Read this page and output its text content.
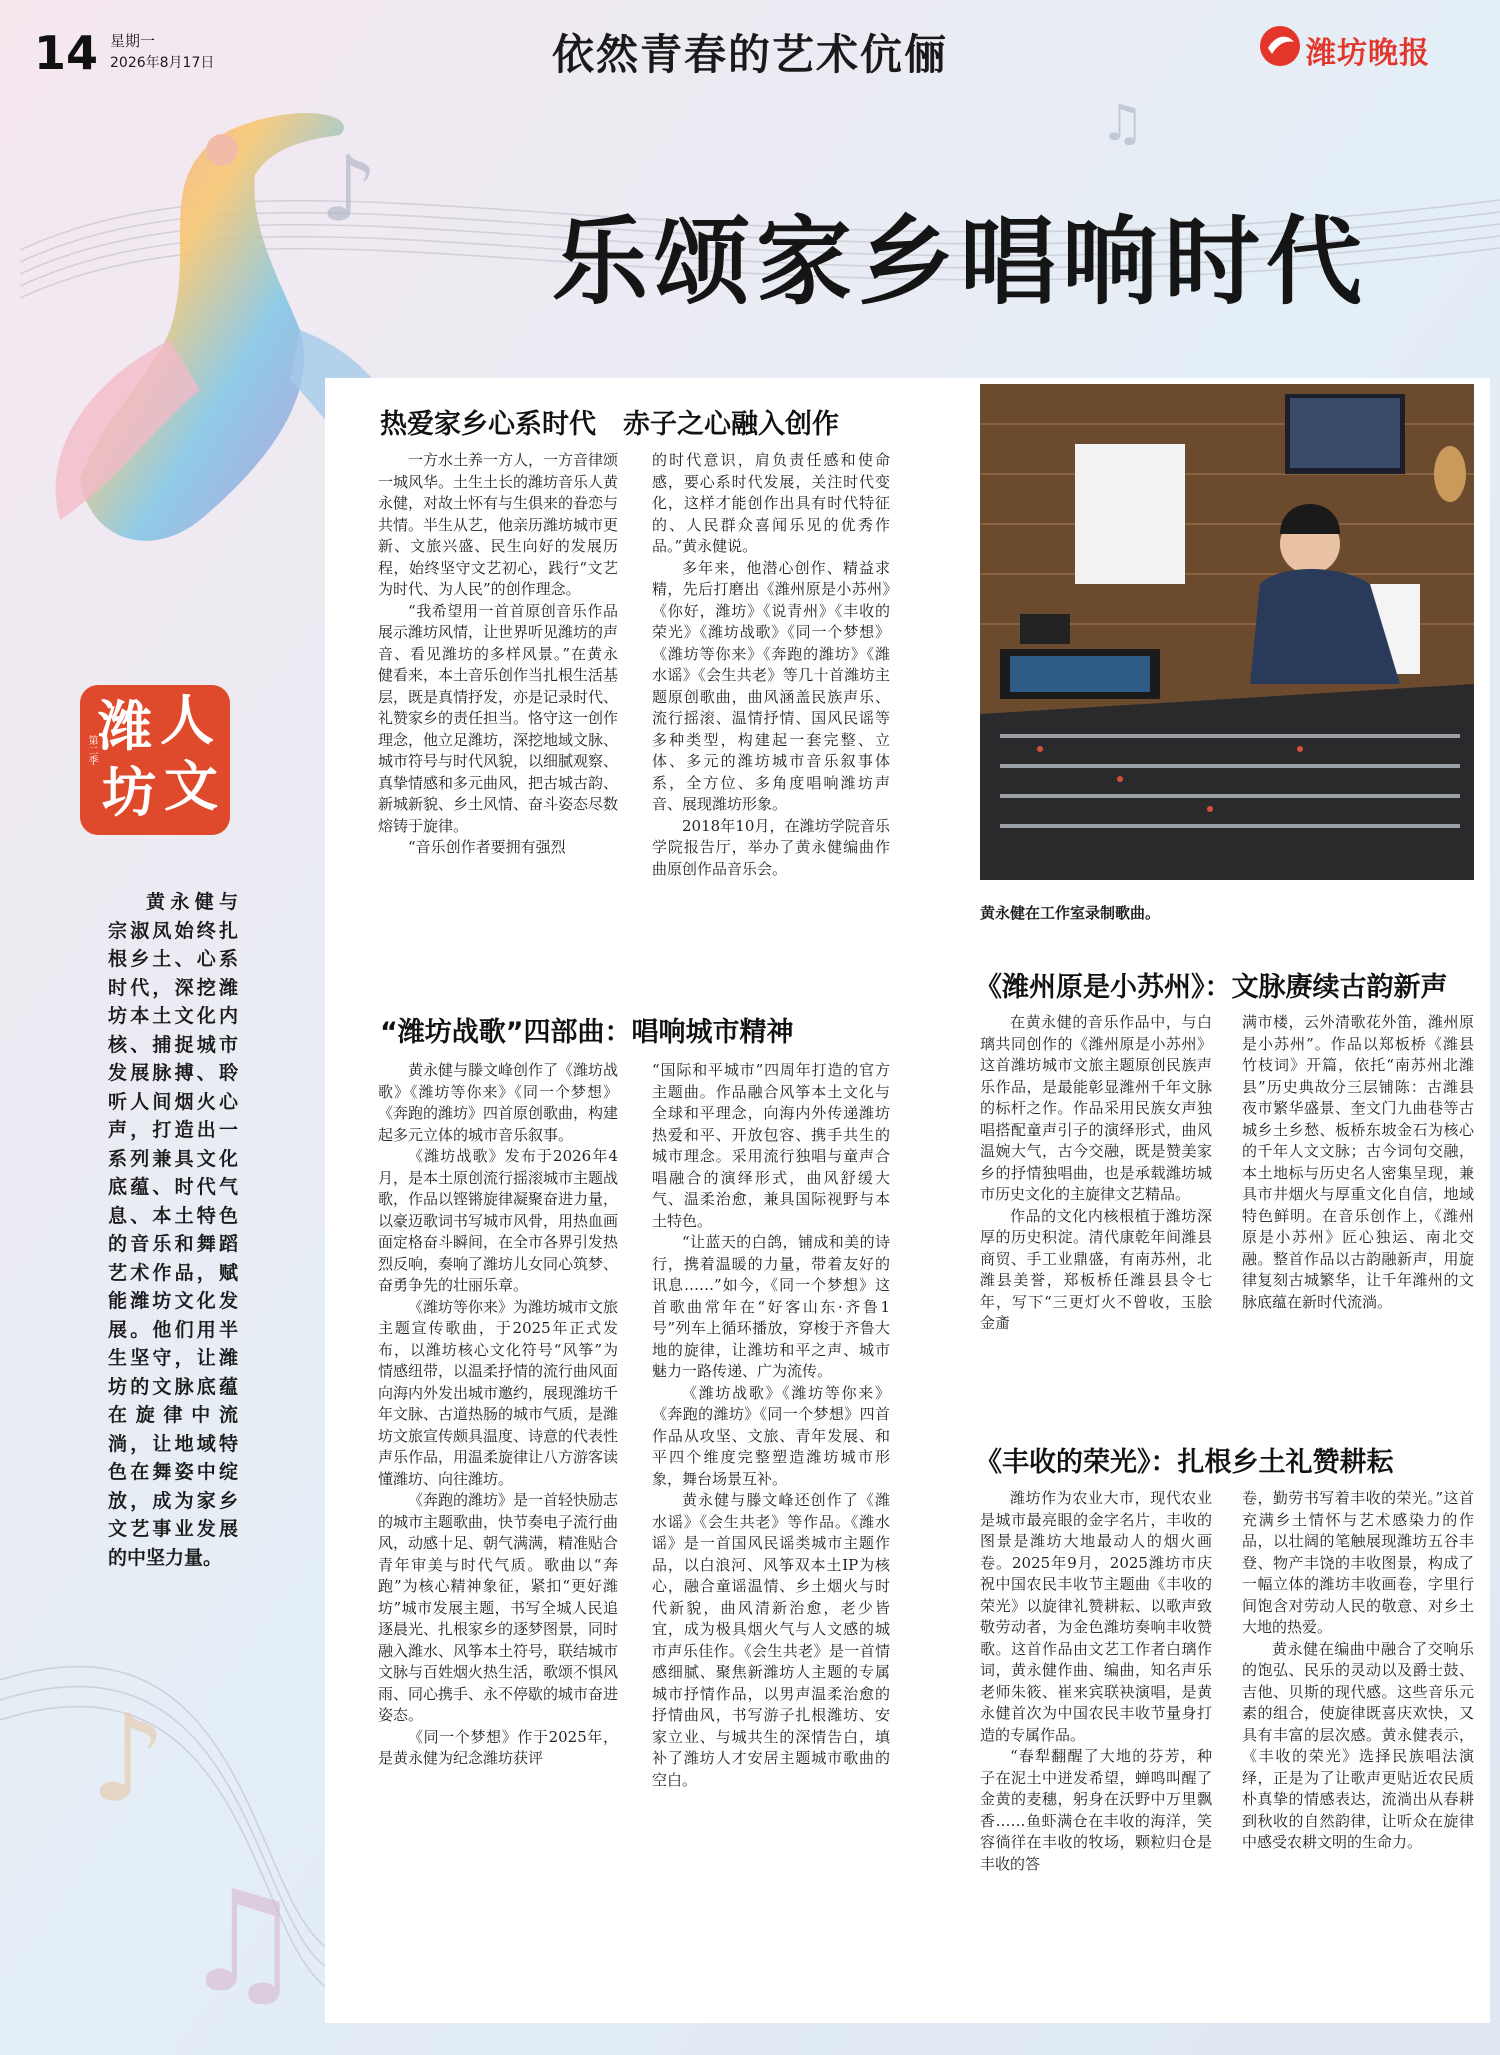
♪
♫
♪
♫
14 星期一
2026年8月17日	依然青春的艺术伉俪	潍坊晚报
乐颂家乡唱响时代
潍 人
坊 文
第二季
黄永健与宗淑凤始终扎根乡土、心系时代，深挖潍坊本土文化内核、捕捉城市发展脉搏、聆听人间烟火心声，打造出一系列兼具文化底蕴、时代气息、本土特色的音乐和舞蹈艺术作品，赋能潍坊文化发展。他们用半生坚守，让潍坊的文脉底蕴在旋律中流淌，让地域特色在舞姿中绽放，成为家乡文艺事业发展的中坚力量。
热爱家乡心系时代　赤子之心融入创作

一方水土养一方人，一方音律颂一城风华。土生土长的潍坊音乐人黄永健，对故土怀有与生俱来的眷恋与共情。半生从艺，他亲历潍坊城市更新、文旅兴盛、民生向好的发展历程，始终坚守文艺初心，践行“文艺为时代、为人民”的创作理念。

“我希望用一首首原创音乐作品展示潍坊风情，让世界听见潍坊的声音、看见潍坊的多样风景。”在黄永健看来，本土音乐创作当扎根生活基层，既是真情抒发，亦是记录时代、礼赞家乡的责任担当。恪守这一创作理念，他立足潍坊，深挖地域文脉、城市符号与时代风貌，以细腻观察、真挚情感和多元曲风，把古城古韵、新城新貌、乡土风情、奋斗姿态尽数熔铸于旋律。

“音乐创作者要拥有强烈

的时代意识，肩负责任感和使命感，要心系时代发展，关注时代变化，这样才能创作出具有时代特征的、人民群众喜闻乐见的优秀作品。”黄永健说。

多年来，他潜心创作、精益求精，先后打磨出《潍州原是小苏州》《你好，潍坊》《说青州》《丰收的荣光》《潍坊战歌》《同一个梦想》《潍坊等你来》《奔跑的潍坊》《潍水谣》《会生共老》等几十首潍坊主题原创歌曲，曲风涵盖民族声乐、流行摇滚、温情抒情、国风民谣等多种类型，构建起一套完整、立体、多元的潍坊城市音乐叙事体系，全方位、多角度唱响潍坊声音、展现潍坊形象。

2018年10月，在潍坊学院音乐学院报告厅，举办了黄永健编曲作曲原创作品音乐会。

黄永健在工作室录制歌曲。
“潍坊战歌”四部曲：唱响城市精神

黄永健与滕文峰创作了《潍坊战歌》《潍坊等你来》《同一个梦想》《奔跑的潍坊》四首原创歌曲，构建起多元立体的城市音乐叙事。

《潍坊战歌》发布于2026年4月，是本土原创流行摇滚城市主题战歌，作品以铿锵旋律凝聚奋进力量，以豪迈歌词书写城市风骨，用热血画面定格奋斗瞬间，在全市各界引发热烈反响，奏响了潍坊儿女同心筑梦、奋勇争先的壮丽乐章。

《潍坊等你来》为潍坊城市文旅主题宣传歌曲，于2025年正式发布，以潍坊核心文化符号“风筝”为情感纽带，以温柔抒情的流行曲风面向海内外发出城市邀约，展现潍坊千年文脉、古道热肠的城市气质，是潍坊文旅宣传颇具温度、诗意的代表性声乐作品，用温柔旋律让八方游客读懂潍坊、向往潍坊。

《奔跑的潍坊》是一首轻快励志的城市主题歌曲，快节奏电子流行曲风，动感十足、朝气满满，精准贴合青年审美与时代气质。歌曲以“奔跑”为核心精神象征，紧扣“更好潍坊”城市发展主题，书写全城人民追逐晨光、扎根家乡的逐梦图景，同时融入潍水、风筝本土符号，联结城市文脉与百姓烟火热生活，歌颂不惧风雨、同心携手、永不停歇的城市奋进姿态。

《同一个梦想》作于2025年，是黄永健为纪念潍坊获评

“国际和平城市”四周年打造的官方主题曲。作品融合风筝本土文化与全球和平理念，向海内外传递潍坊热爱和平、开放包容、携手共生的城市理念。采用流行独唱与童声合唱融合的演绎形式，曲风舒缓大气、温柔治愈，兼具国际视野与本土特色。

“让蓝天的白鸽，铺成和美的诗行，携着温暖的力量，带着友好的讯息……”如今，《同一个梦想》这首歌曲常年在“好客山东·齐鲁1号”列车上循环播放，穿梭于齐鲁大地的旋律，让潍坊和平之声、城市魅力一路传递、广为流传。

《潍坊战歌》《潍坊等你来》《奔跑的潍坊》《同一个梦想》四首作品从攻坚、文旅、青年发展、和平四个维度完整塑造潍坊城市形象，舞台场景互补。

黄永健与滕文峰还创作了《潍水谣》《会生共老》等作品。《潍水谣》是一首国风民谣类城市主题作品，以白浪河、风筝双本土IP为核心，融合童谣温情、乡土烟火与时代新貌，曲风清新治愈，老少皆宜，成为极具烟火气与人文感的城市声乐佳作。《会生共老》是一首情感细腻、聚焦新潍坊人主题的专属城市抒情作品，以男声温柔治愈的抒情曲风，书写游子扎根潍坊、安家立业、与城共生的深情告白，填补了潍坊人才安居主题城市歌曲的空白。

《潍州原是小苏州》：文脉赓续古韵新声

在黄永健的音乐作品中，与白璃共同创作的《潍州原是小苏州》这首潍坊城市文旅主题原创民族声乐作品，是最能彰显潍州千年文脉的标杆之作。作品采用民族女声独唱搭配童声引子的演绎形式，曲风温婉大气，古今交融，既是赞美家乡的抒情独唱曲，也是承载潍坊城市历史文化的主旋律文艺精品。

作品的文化内核根植于潍坊深厚的历史积淀。清代康乾年间潍县商贸、手工业鼎盛，有南苏州，北潍县美誉，郑板桥任潍县县令七年，写下“三更灯火不曾收，玉脍金齑

满市楼，云外清歌花外笛，潍州原是小苏州”。作品以郑板桥《潍县竹枝词》开篇，依托“南苏州北潍县”历史典故分三层铺陈：古潍县夜市繁华盛景、奎文门九曲巷等古城乡土乡愁、板桥东坡金石为核心的千年人文文脉；古今词句交融，本土地标与历史名人密集呈现，兼具市井烟火与厚重文化自信，地域特色鲜明。在音乐创作上，《潍州原是小苏州》匠心独运、南北交融。整首作品以古韵融新声，用旋律复刻古城繁华，让千年潍州的文脉底蕴在新时代流淌。

《丰收的荣光》：扎根乡土礼赞耕耘

潍坊作为农业大市，现代农业是城市最亮眼的金字名片，丰收的图景是潍坊大地最动人的烟火画卷。2025年9月，2025潍坊市庆祝中国农民丰收节主题曲《丰收的荣光》以旋律礼赞耕耘、以歌声致敬劳动者，为金色潍坊奏响丰收赞歌。这首作品由文艺工作者白璃作词，黄永健作曲、编曲，知名声乐老师朱筱、崔来宾联袂演唱，是黄永健首次为中国农民丰收节量身打造的专属作品。

“春犁翻醒了大地的芬芳，种子在泥土中迸发希望，蝉鸣叫醒了金黄的麦穗，躬身在沃野中万里飘香……鱼虾满仓在丰收的海洋，笑容徜徉在丰收的牧场，颗粒归仓是丰收的答

卷，勤劳书写着丰收的荣光。”这首充满乡土情怀与艺术感染力的作品，以壮阔的笔触展现潍坊五谷丰登、物产丰饶的丰收图景，构成了一幅立体的潍坊丰收画卷，字里行间饱含对劳动人民的敬意、对乡土大地的热爱。

黄永健在编曲中融合了交响乐的饱弘、民乐的灵动以及爵士鼓、吉他、贝斯的现代感。这些音乐元素的组合，使旋律既喜庆欢快，又具有丰富的层次感。黄永健表示，《丰收的荣光》选择民族唱法演绎，正是为了让歌声更贴近农民质朴真挚的情感表达，流淌出从春耕到秋收的自然韵律，让听众在旋律中感受农耕文明的生命力。
